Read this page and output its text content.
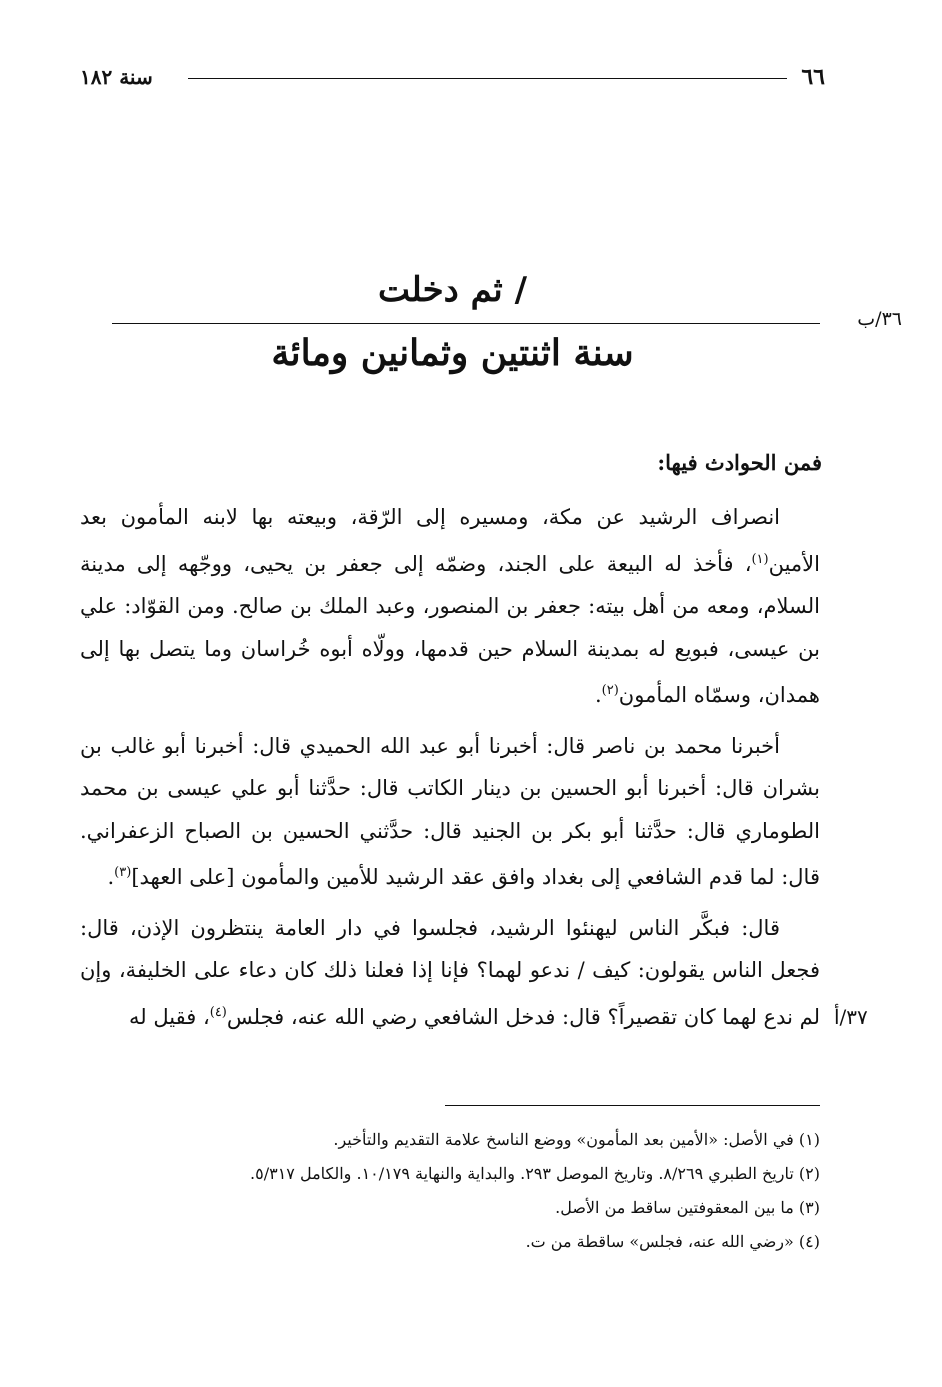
٦٦
سنة ١٨٢
/ ثم دخلت
٣٦/ب
سنة اثنتين وثمانين ومائة
فمن الحوادث فيها:

انصراف الرشيد عن مكة، ومسيره إلى الرّقة، وبيعته بها لابنه المأمون بعد الأمين$^{(١)}$، فأخذ له البيعة على الجند، وضمّه إلى جعفر بن يحيى، ووجّهه إلى مدينة السلام، ومعه من أهل بيته: جعفر بن المنصور، وعبد الملك بن صالح. ومن القوّاد: علي بن عيسى، فبويع له بمدينة السلام حين قدمها، وولّاه أبوه خُراسان وما يتصل بها إلى همدان، وسمّاه المأمون$^{(٢)}$.

أخبرنا محمد بن ناصر قال: أخبرنا أبو عبد الله الحميدي قال: أخبرنا أبو غالب بن بشران قال: أخبرنا أبو الحسين بن دينار الكاتب قال: حدَّثنا أبو علي عيسى بن محمد الطوماري قال: حدَّثنا أبو بكر بن الجنيد قال: حدَّثني الحسين بن الصباح الزعفراني. قال: لما قدم الشافعي إلى بغداد وافق عقد الرشيد للأمين والمأمون [على العهد]$^{(٣)}$.

قال: فبكَّر الناس ليهنئوا الرشيد، فجلسوا في دار العامة ينتظرون الإذن، قال: فجعل الناس يقولون: كيف / ندعو لهما؟ فإنا إذا فعلنا ذلك كان دعاء على الخليفة، وإن لم ندع لهما كان تقصيراً؟ قال: فدخل الشافعي رضي الله عنه، فجلس$^{(٤)}$، فقيل له	٣٧/أ

(١) في الأصل: «الأمين بعد المأمون» ووضع الناسخ علامة التقديم والتأخير.

(٢) تاريخ الطبري ٨/٢٦٩. وتاريخ الموصل ٢٩٣. والبداية والنهاية ١٠/١٧٩. والكامل ٥/٣١٧.

(٣) ما بين المعقوفتين ساقط من الأصل.

(٤) «رضي الله عنه، فجلس» ساقطة من ت.
